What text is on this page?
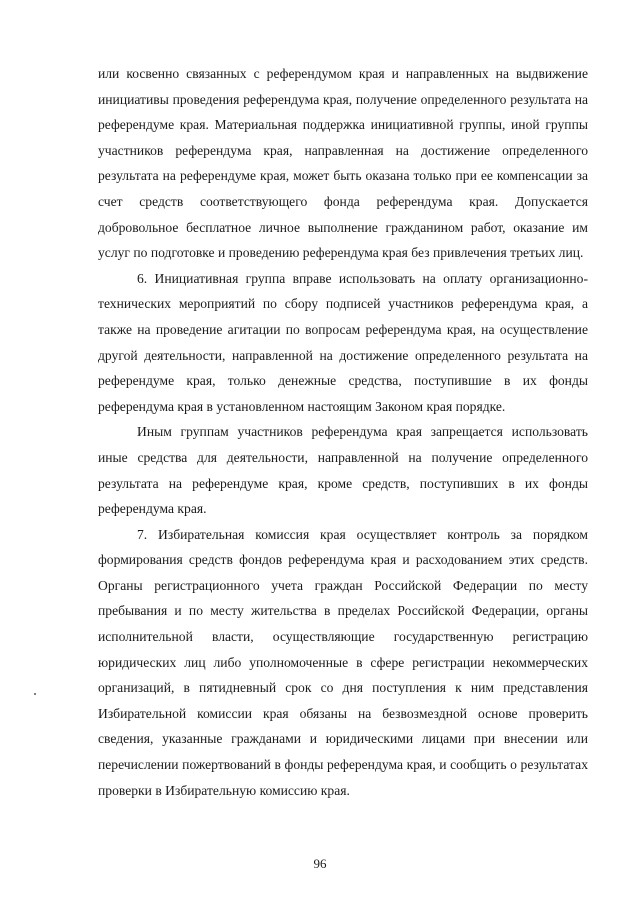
или косвенно связанных с референдумом края и направленных на выдвижение инициативы проведения референдума края, получение определенного результата на референдуме края. Материальная поддержка инициативной группы, иной группы участников референдума края, направленная на достижение определенного результата на референдуме края, может быть оказана только при ее компенсации за счет средств соответствующего фонда референдума края. Допускается добровольное бесплатное личное выполнение гражданином работ, оказание им услуг по подготовке и проведению референдума края без привлечения третьих лиц.

6. Инициативная группа вправе использовать на оплату организационно-технических мероприятий по сбору подписей участников референдума края, а также на проведение агитации по вопросам референдума края, на осуществление другой деятельности, направленной на достижение определенного результата на референдуме края, только денежные средства, поступившие в их фонды референдума края в установленном настоящим Законом края порядке.

Иным группам участников референдума края запрещается использовать иные средства для деятельности, направленной на получение определенного результата на референдуме края, кроме средств, поступивших в их фонды референдума края.

7. Избирательная комиссия края осуществляет контроль за порядком формирования средств фондов референдума края и расходованием этих средств. Органы регистрационного учета граждан Российской Федерации по месту пребывания и по месту жительства в пределах Российской Федерации, органы исполнительной власти, осуществляющие государственную регистрацию юридических лиц либо уполномоченные в сфере регистрации некоммерческих организаций, в пятидневный срок со дня поступления к ним представления Избирательной комиссии края обязаны на безвозмездной основе проверить сведения, указанные гражданами и юридическими лицами при внесении или перечислении пожертвований в фонды референдума края, и сообщить о результатах проверки в Избирательную комиссию края.

96
